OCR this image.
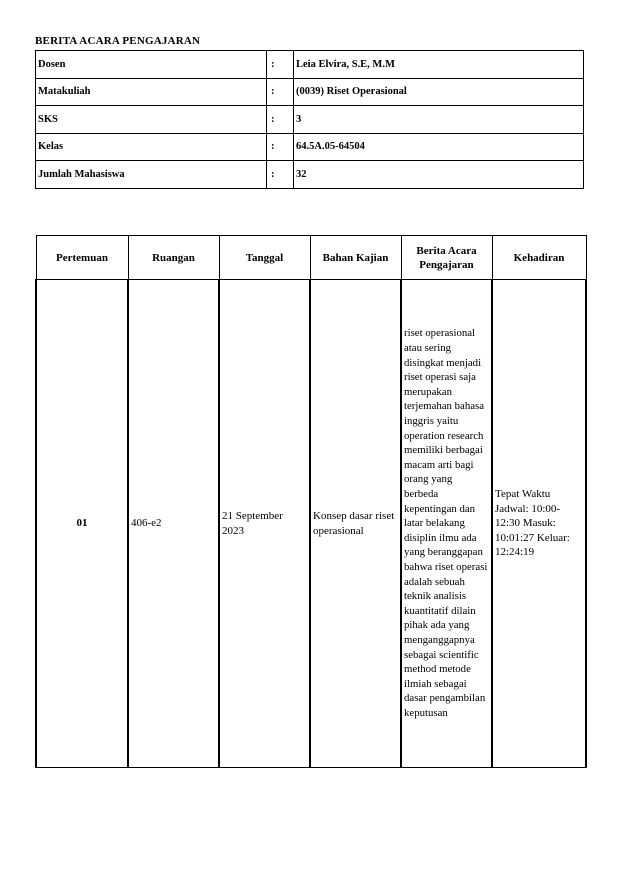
BERITA ACARA PENGAJARAN
Dosen	:	Leia Elvira, S.E, M.M
Matakuliah	:	(0039) Riset Operasional
SKS	:	3
Kelas	:	64.5A.05-64504
Jumlah Mahasiswa	:	32
Pertemuan	Ruangan	Tanggal	Bahan Kajian	Berita Acara Pengajaran	Kehadiran
01	406-e2	21 September 2023	Konsep dasar riset operasional	riset operasional atau sering disingkat menjadi riset operasi saja merupakan terjemahan bahasa inggris yaitu operation research memiliki berbagai macam arti bagi orang yang berbeda kepentingan dan latar belakang disiplin ilmu ada yang beranggapan bahwa riset operasi adalah sebuah teknik analisis kuantitatif dilain pihak ada yang menganggapnya sebagai scientific method metode ilmiah sebagai dasar pengambilan keputusan	Tepat Waktu Jadwal: 10:00-12:30 Masuk: 10:01:27 Keluar: 12:24:19
